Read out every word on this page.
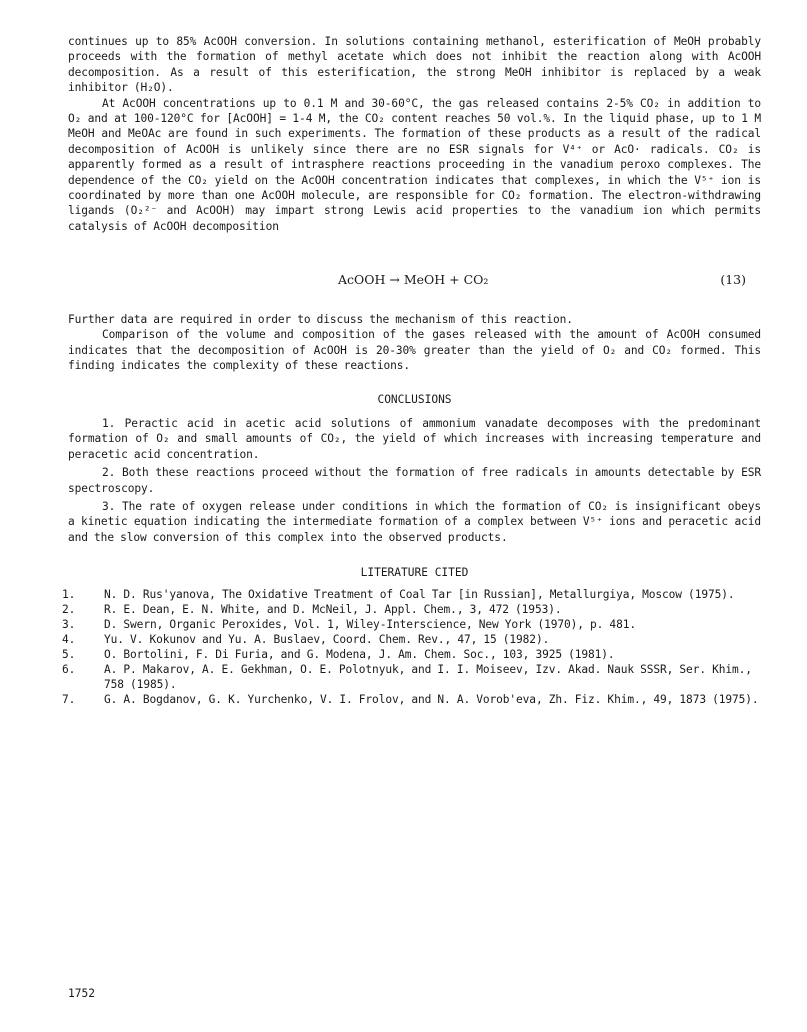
continues up to 85% AcOOH conversion. In solutions containing methanol, esterification of MeOH probably proceeds with the formation of methyl acetate which does not inhibit the reaction along with AcOOH decomposition. As a result of this esterification, the strong MeOH inhibitor is replaced by a weak inhibitor (H₂O).

At AcOOH concentrations up to 0.1 M and 30-60°C, the gas released contains 2-5% CO₂ in addition to O₂ and at 100-120°C for [AcOOH] = 1-4 M, the CO₂ content reaches 50 vol.%. In the liquid phase, up to 1 M MeOH and MeOAc are found in such experiments. The formation of these products as a result of the radical decomposition of AcOOH is unlikely since there are no ESR signals for V⁴⁺ or AcO· radicals. CO₂ is apparently formed as a result of intrasphere reactions proceeding in the vanadium peroxo complexes. The dependence of the CO₂ yield on the AcOOH concentration indicates that complexes, in which the V⁵⁺ ion is coordinated by more than one AcOOH molecule, are responsible for CO₂ formation. The electron-withdrawing ligands (O₂²⁻ and AcOOH) may impart strong Lewis acid properties to the vanadium ion which permits catalysis of AcOOH decomposition

AcOOH → MeOH + CO₂	(13)

Further data are required in order to discuss the mechanism of this reaction.

Comparison of the volume and composition of the gases released with the amount of AcOOH consumed indicates that the decomposition of AcOOH is 20-30% greater than the yield of O₂ and CO₂ formed. This finding indicates the complexity of these reactions.

CONCLUSIONS

1. Peractic acid in acetic acid solutions of ammonium vanadate decomposes with the predominant formation of O₂ and small amounts of CO₂, the yield of which increases with increasing temperature and peracetic acid concentration.

2. Both these reactions proceed without the formation of free radicals in amounts detectable by ESR spectroscopy.

3. The rate of oxygen release under conditions in which the formation of CO₂ is insignificant obeys a kinetic equation indicating the intermediate formation of a complex between V⁵⁺ ions and peracetic acid and the slow conversion of this complex into the observed products.

LITERATURE CITED
1.	N. D. Rus'yanova, The Oxidative Treatment of Coal Tar [in Russian], Metallurgiya, Moscow (1975).
2.	R. E. Dean, E. N. White, and D. McNeil, J. Appl. Chem., 3, 472 (1953).
3.	D. Swern, Organic Peroxides, Vol. 1, Wiley-Interscience, New York (1970), p. 481.
4.	Yu. V. Kokunov and Yu. A. Buslaev, Coord. Chem. Rev., 47, 15 (1982).
5.	O. Bortolini, F. Di Furia, and G. Modena, J. Am. Chem. Soc., 103, 3925 (1981).
6.	A. P. Makarov, A. E. Gekhman, O. E. Polotnyuk, and I. I. Moiseev, Izv. Akad. Nauk SSSR, Ser. Khim., 758 (1985).
7.	G. A. Bogdanov, G. K. Yurchenko, V. I. Frolov, and N. A. Vorob'eva, Zh. Fiz. Khim., 49, 1873 (1975).
1752
